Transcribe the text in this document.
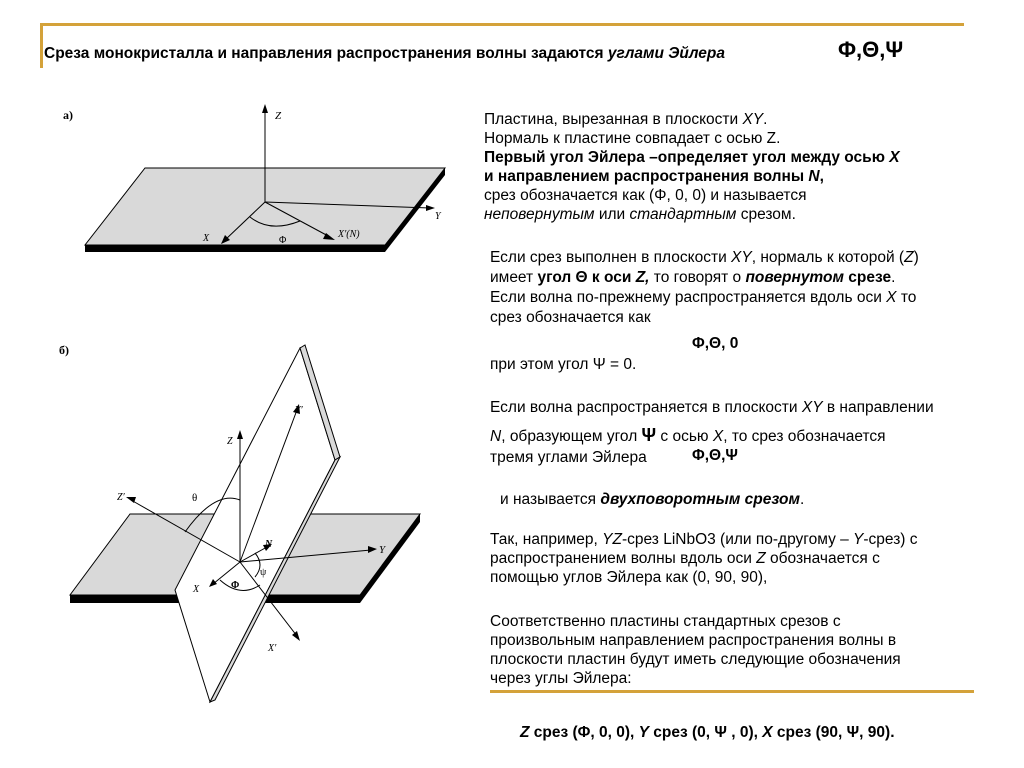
Среза монокристалла и направления распространения волны задаются углами Эйлера	Φ,Θ,Ψ
а)	Z
Y
X	X′(N)
Φ
б)
Z
Y
Y′
Z′
X
X′
N
θ
Φ
ψ
Пластина, вырезанная в плоскости XY.
Нормаль к пластине совпадает с осью Z.
Первый угол Эйлера –определяет угол между осью X
и направлением распространения волны N,
срез обозначается как (Φ, 0, 0) и называется
неповернутым или стандартным срезом.
Если срез выполнен в плоскости XY, нормаль к которой (Z)
имеет угол Θ к оси Z, то говорят о повернутом срезе.
Если волна по-прежнему распространяется вдоль оси X то
срез обозначается как
Φ,Θ, 0
при этом угол Ψ = 0.
Если волна распространяется в плоскости XY в направлении
N, образующем угол Ψ с осью X, то срез обозначается
тремя углами Эйлера	Φ,Θ,Ψ
и называется двухповоротным срезом.
Так, например, YZ-срез LiNbO3 (или по-другому – Y-срез) с
распространением волны вдоль оси Z обозначается с
помощью углов Эйлера как (0, 90, 90),
Соответственно пластины стандартных срезов с
произвольным направлением распространения волны в
плоскости пластин будут иметь следующие обозначения
через углы Эйлера:
Z срез (Φ, 0, 0), Y срез (0, Ψ , 0), X срез (90, Ψ, 90).
